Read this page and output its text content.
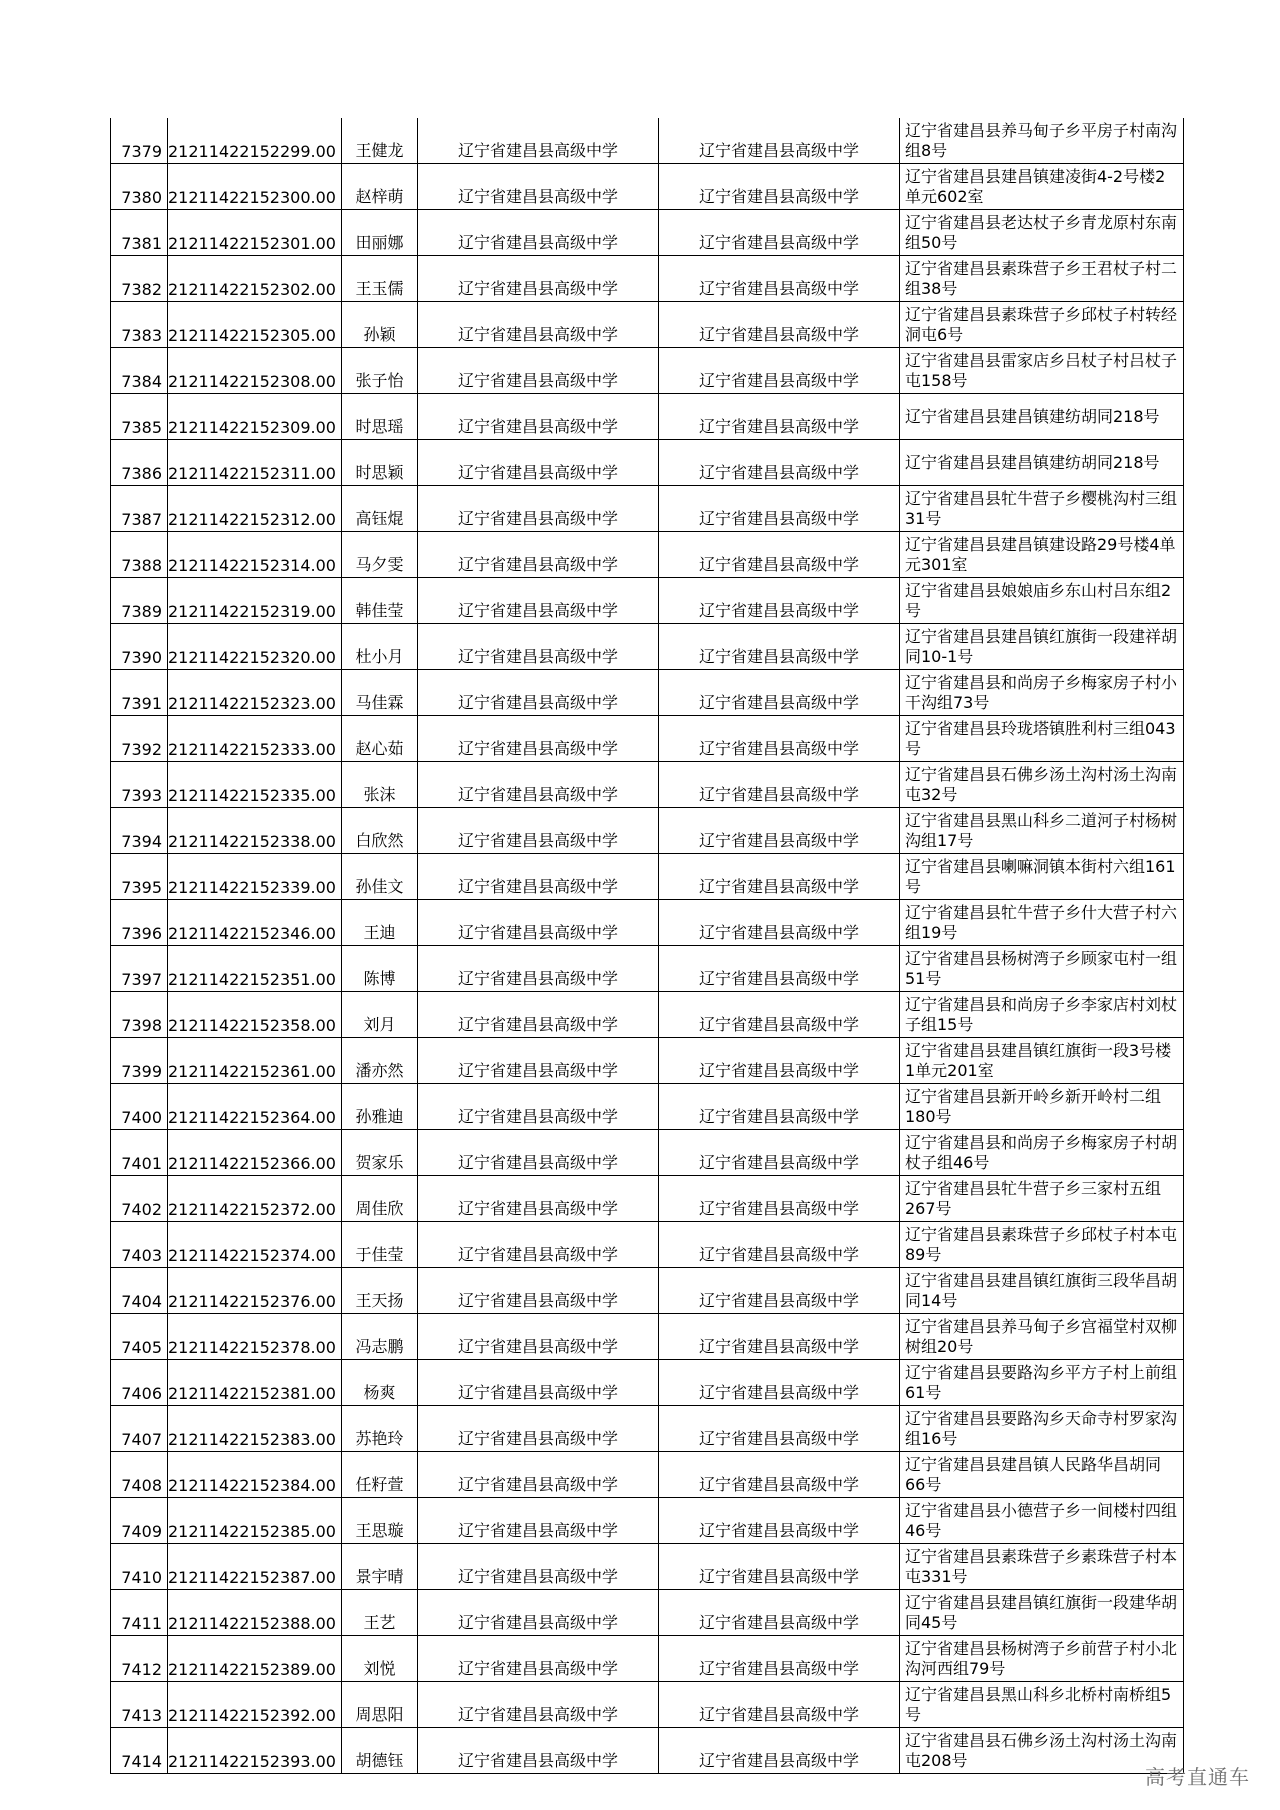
7379	21211422152299.00	王健龙	辽宁省建昌县高级中学	辽宁省建昌县高级中学	辽宁省建昌县养马甸子乡平房子村南沟组8号
7380	21211422152300.00	赵梓萌	辽宁省建昌县高级中学	辽宁省建昌县高级中学	辽宁省建昌县建昌镇建凌街4-2号楼2单元602室
7381	21211422152301.00	田丽娜	辽宁省建昌县高级中学	辽宁省建昌县高级中学	辽宁省建昌县老达杖子乡青龙原村东南组50号
7382	21211422152302.00	王玉儒	辽宁省建昌县高级中学	辽宁省建昌县高级中学	辽宁省建昌县素珠营子乡王君杖子村二组38号
7383	21211422152305.00	孙颖	辽宁省建昌县高级中学	辽宁省建昌县高级中学	辽宁省建昌县素珠营子乡邱杖子村转经洞屯6号
7384	21211422152308.00	张子怡	辽宁省建昌县高级中学	辽宁省建昌县高级中学	辽宁省建昌县雷家店乡吕杖子村吕杖子屯158号
7385	21211422152309.00	时思瑶	辽宁省建昌县高级中学	辽宁省建昌县高级中学	辽宁省建昌县建昌镇建纺胡同218号
7386	21211422152311.00	时思颖	辽宁省建昌县高级中学	辽宁省建昌县高级中学	辽宁省建昌县建昌镇建纺胡同218号
7387	21211422152312.00	高钰焜	辽宁省建昌县高级中学	辽宁省建昌县高级中学	辽宁省建昌县牤牛营子乡樱桃沟村三组31号
7388	21211422152314.00	马夕雯	辽宁省建昌县高级中学	辽宁省建昌县高级中学	辽宁省建昌县建昌镇建设路29号楼4单元301室
7389	21211422152319.00	韩佳莹	辽宁省建昌县高级中学	辽宁省建昌县高级中学	辽宁省建昌县娘娘庙乡东山村吕东组2号
7390	21211422152320.00	杜小月	辽宁省建昌县高级中学	辽宁省建昌县高级中学	辽宁省建昌县建昌镇红旗街一段建祥胡同10-1号
7391	21211422152323.00	马佳霖	辽宁省建昌县高级中学	辽宁省建昌县高级中学	辽宁省建昌县和尚房子乡梅家房子村小干沟组73号
7392	21211422152333.00	赵心茹	辽宁省建昌县高级中学	辽宁省建昌县高级中学	辽宁省建昌县玲珑塔镇胜利村三组043号
7393	21211422152335.00	张沫	辽宁省建昌县高级中学	辽宁省建昌县高级中学	辽宁省建昌县石佛乡汤土沟村汤土沟南屯32号
7394	21211422152338.00	白欣然	辽宁省建昌县高级中学	辽宁省建昌县高级中学	辽宁省建昌县黑山科乡二道河子村杨树沟组17号
7395	21211422152339.00	孙佳文	辽宁省建昌县高级中学	辽宁省建昌县高级中学	辽宁省建昌县喇嘛洞镇本街村六组161号
7396	21211422152346.00	王迪	辽宁省建昌县高级中学	辽宁省建昌县高级中学	辽宁省建昌县牤牛营子乡什大营子村六组19号
7397	21211422152351.00	陈博	辽宁省建昌县高级中学	辽宁省建昌县高级中学	辽宁省建昌县杨树湾子乡顾家屯村一组51号
7398	21211422152358.00	刘月	辽宁省建昌县高级中学	辽宁省建昌县高级中学	辽宁省建昌县和尚房子乡李家店村刘杖子组15号
7399	21211422152361.00	潘亦然	辽宁省建昌县高级中学	辽宁省建昌县高级中学	辽宁省建昌县建昌镇红旗街一段3号楼1单元201室
7400	21211422152364.00	孙雅迪	辽宁省建昌县高级中学	辽宁省建昌县高级中学	辽宁省建昌县新开岭乡新开岭村二组180号
7401	21211422152366.00	贺家乐	辽宁省建昌县高级中学	辽宁省建昌县高级中学	辽宁省建昌县和尚房子乡梅家房子村胡杖子组46号
7402	21211422152372.00	周佳欣	辽宁省建昌县高级中学	辽宁省建昌县高级中学	辽宁省建昌县牤牛营子乡三家村五组267号
7403	21211422152374.00	于佳莹	辽宁省建昌县高级中学	辽宁省建昌县高级中学	辽宁省建昌县素珠营子乡邱杖子村本屯89号
7404	21211422152376.00	王天扬	辽宁省建昌县高级中学	辽宁省建昌县高级中学	辽宁省建昌县建昌镇红旗街三段华昌胡同14号
7405	21211422152378.00	冯志鹏	辽宁省建昌县高级中学	辽宁省建昌县高级中学	辽宁省建昌县养马甸子乡宫福堂村双柳树组20号
7406	21211422152381.00	杨爽	辽宁省建昌县高级中学	辽宁省建昌县高级中学	辽宁省建昌县要路沟乡平方子村上前组61号
7407	21211422152383.00	苏艳玲	辽宁省建昌县高级中学	辽宁省建昌县高级中学	辽宁省建昌县要路沟乡天命寺村罗家沟组16号
7408	21211422152384.00	任籽萱	辽宁省建昌县高级中学	辽宁省建昌县高级中学	辽宁省建昌县建昌镇人民路华昌胡同66号
7409	21211422152385.00	王思璇	辽宁省建昌县高级中学	辽宁省建昌县高级中学	辽宁省建昌县小德营子乡一间楼村四组46号
7410	21211422152387.00	景宇晴	辽宁省建昌县高级中学	辽宁省建昌县高级中学	辽宁省建昌县素珠营子乡素珠营子村本屯331号
7411	21211422152388.00	王艺	辽宁省建昌县高级中学	辽宁省建昌县高级中学	辽宁省建昌县建昌镇红旗街一段建华胡同45号
7412	21211422152389.00	刘悦	辽宁省建昌县高级中学	辽宁省建昌县高级中学	辽宁省建昌县杨树湾子乡前营子村小北沟河西组79号
7413	21211422152392.00	周思阳	辽宁省建昌县高级中学	辽宁省建昌县高级中学	辽宁省建昌县黑山科乡北桥村南桥组5号
7414	21211422152393.00	胡德钰	辽宁省建昌县高级中学	辽宁省建昌县高级中学	辽宁省建昌县石佛乡汤土沟村汤土沟南屯208号
高考直通车
